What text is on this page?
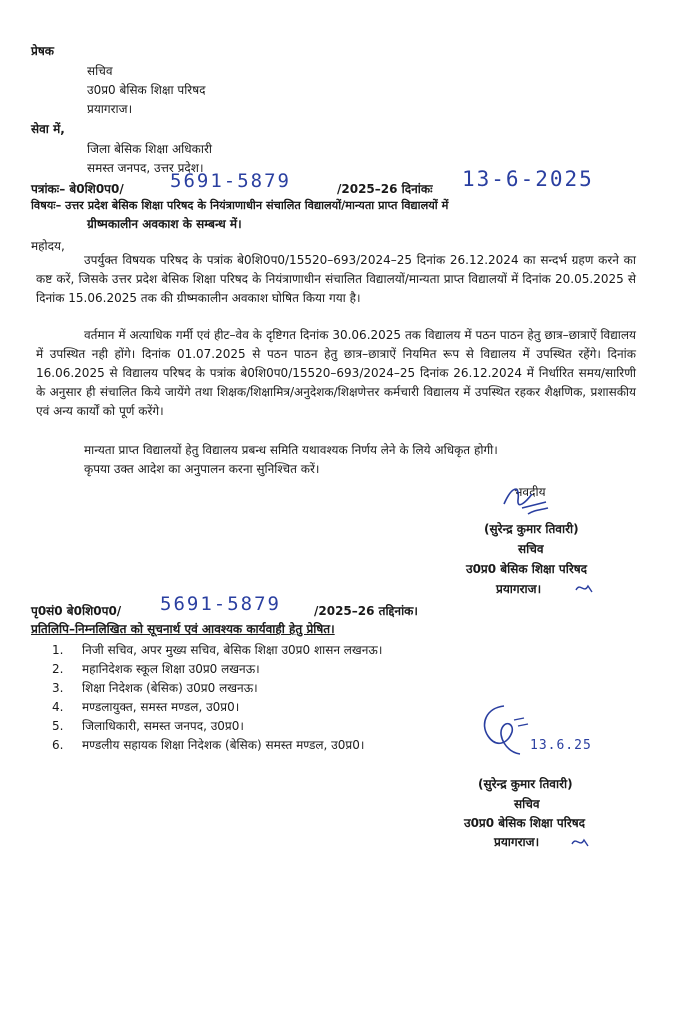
प्रेषक
सचिव
उ0प्र0 बेसिक शिक्षा परिषद
प्रयागराज।
सेवा में,
जिला बेसिक शिक्षा अधिकारी
समस्त जनपद, उत्तर प्रदेश।
पत्रांकः– बे0शि0प0/ 5691-5879	/2025–26 दिनांकः 13-6-2025
विषयः– उत्तर प्रदेश बेसिक शिक्षा परिषद के नियंत्राणाधीन संचालित विद्यालयों/मान्यता प्राप्त विद्यालयों में
ग्रीष्मकालीन अवकाश के सम्बन्ध में।
महोदय,
उपर्युक्त विषयक परिषद के पत्रांक बे0शि0प0/15520–693/2024–25 दिनांक 26.12.2024 का सन्दर्भ ग्रहण करने का कष्ट करें, जिसके उत्तर प्रदेश बेसिक शिक्षा परिषद के नियंत्राणाधीन संचालित विद्यालयों/मान्यता प्राप्त विद्यालयों में दिनांक 20.05.2025 से दिनांक 15.06.2025 तक की ग्रीष्मकालीन अवकाश घोषित किया गया है।
वर्तमान में अत्याधिक गर्मी एवं हीट–वेव के दृष्टिगत दिनांक 30.06.2025 तक विद्यालय में पठन पाठन हेतु छात्र–छात्राऐं विद्यालय में उपस्थित नही होंगे। दिनांक 01.07.2025 से पठन पाठन हेतु छात्र–छात्राऐं नियमित रूप से विद्यालय में उपस्थित रहेंगे। दिनांक 16.06.2025 से विद्यालय परिषद के पत्रांक बे0शि0प0/15520–693/2024–25 दिनांक 26.12.2024 में निर्धारित समय/सारिणी के अनुसार ही संचालित किये जायेंगे तथा शिक्षक/शिक्षामित्र/अनुदेशक/शिक्षणेत्तर कर्मचारी विद्यालय में उपस्थित रहकर शैक्षणिक, प्रशासकीय एवं अन्य कार्यों को पूर्ण करेंगे।
मान्यता प्राप्त विद्यालयों हेतु विद्यालय प्रबन्ध समिति यथावश्यक निर्णय लेने के लिये अधिकृत होगी।
कृपया उक्त आदेश का अनुपालन करना सुनिश्चित करें।
भवदीय
(सुरेन्द्र कुमार तिवारी)
सचिव
उ0प्र0 बेसिक शिक्षा परिषद
प्रयागराज।
पृ0सं0 बे0शि0प0/ 5691-5879	/2025–26 तद्दिनांक।
प्रतिलिपि–निम्नलिखित को सूचनार्थ एवं आवश्यक कार्यवाही हेतु प्रेषित।
1. निजी सचिव, अपर मुख्य सचिव, बेसिक शिक्षा उ0प्र0 शासन लखनऊ।
2. महानिदेशक स्कूल शिक्षा उ0प्र0 लखनऊ।
3. शिक्षा निदेशक (बेसिक) उ0प्र0 लखनऊ।
4. मण्डलायुक्त, समस्त मण्डल, उ0प्र0।
5. जिलाधिकारी, समस्त जनपद, उ0प्र0।
6. मण्डलीय सहायक शिक्षा निदेशक (बेसिक) समस्त मण्डल, उ0प्र0।	13.6.25
(सुरेन्द्र कुमार तिवारी)
सचिव
उ0प्र0 बेसिक शिक्षा परिषद
प्रयागराज।
